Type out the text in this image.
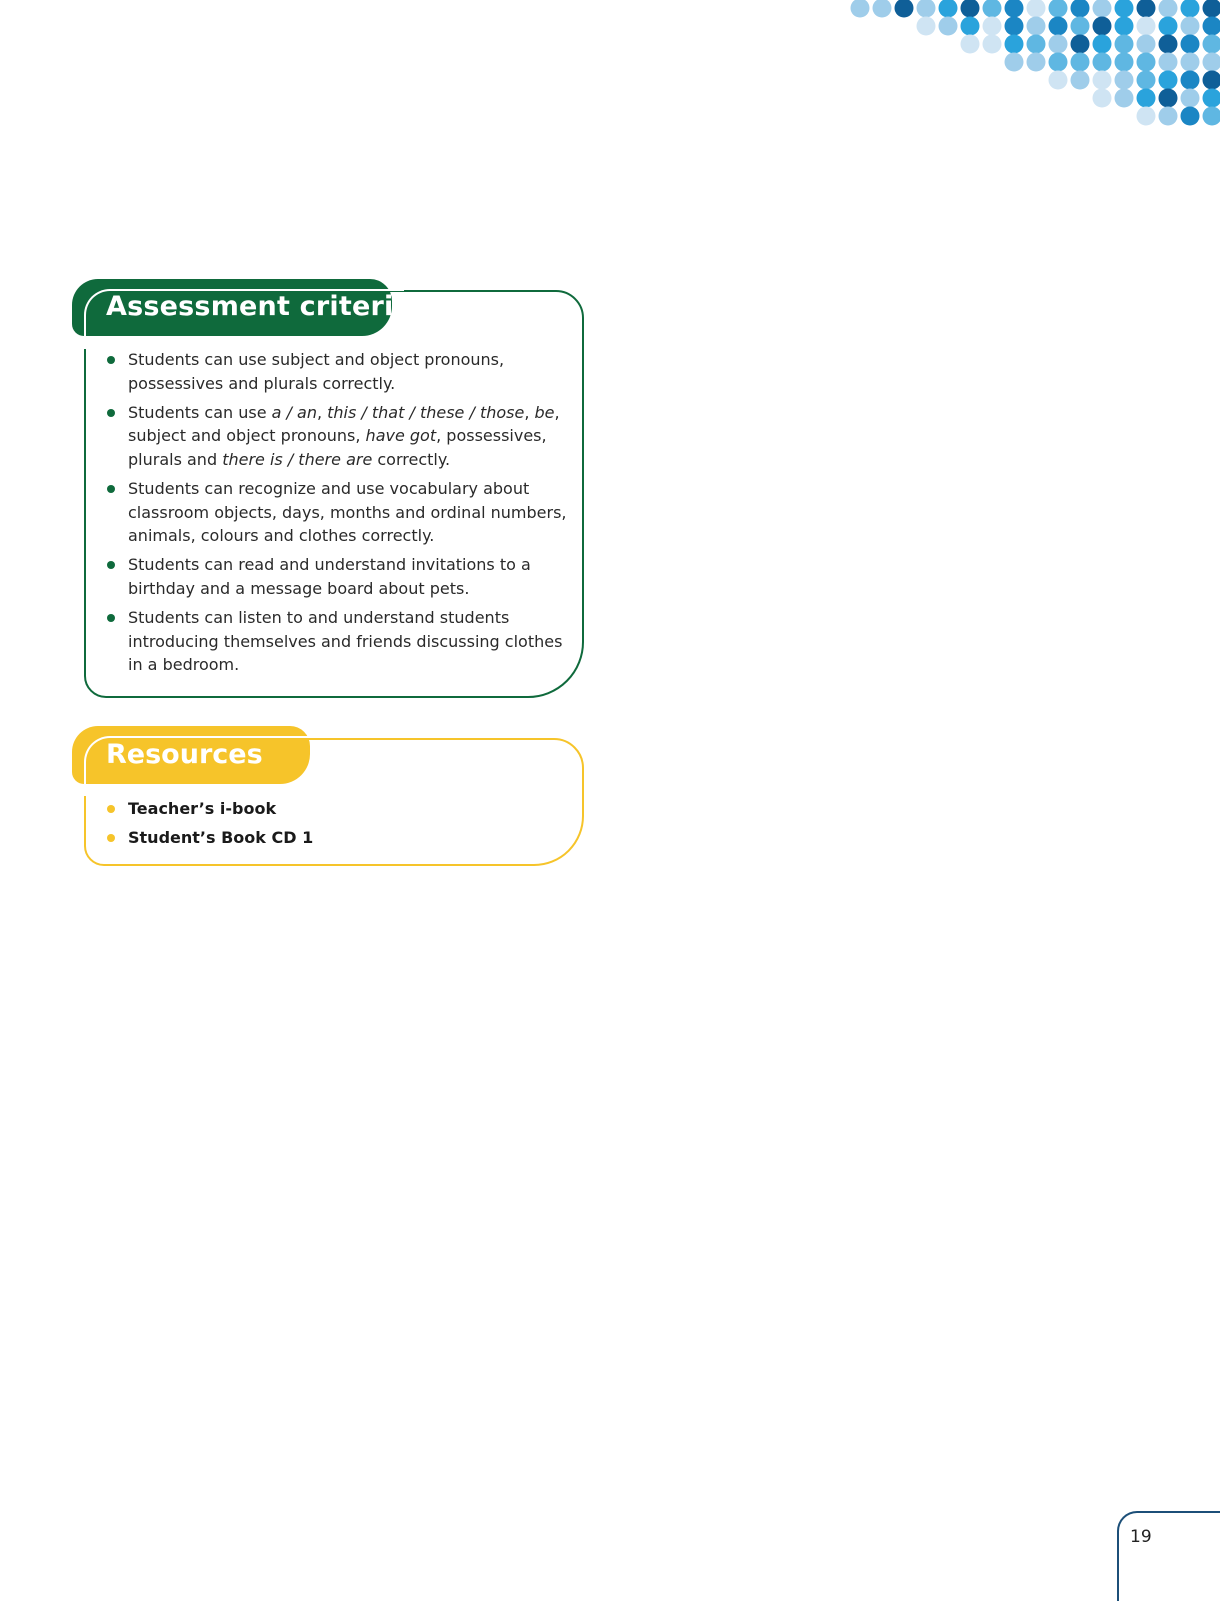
Assessment criteria
Students can use subject and object pronouns, possessives and plurals correctly.
Students can use a / an, this / that / these / those, be, subject and object pronouns, have got, possessives, plurals and there is / there are correctly.
Students can recognize and use vocabulary about classroom objects, days, months and ordinal numbers, animals, colours and clothes correctly.
Students can read and understand invitations to a birthday and a message board about pets.
Students can listen to and understand students introducing themselves and friends discussing clothes in a bedroom.
Resources
Teacher’s i-book
Student’s Book CD 1
19
